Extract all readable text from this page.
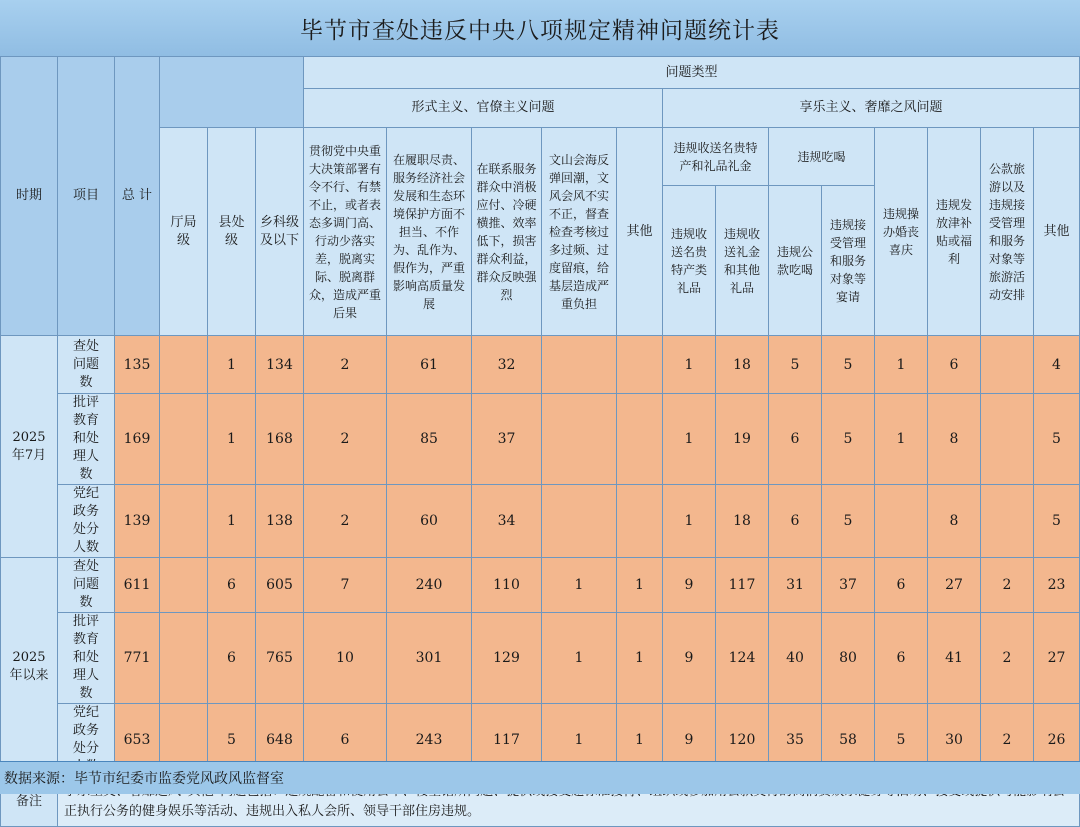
毕节市查处违反中央八项规定精神问题统计表
时期	项目	总 计				问题类型												
						形式主义、官僚主义问题					享乐主义、奢靡之风问题							
			厅局级	县处级	乡科级及以下	贯彻党中央重大决策部署有令不行、有禁不止，或者表态多调门高、行动少落实差，脱离实际、脱离群众，造成严重后果	在履职尽责、服务经济社会发展和生态环境保护方面不担当、不作为、乱作为、假作为，严重影响高质量发展	在联系服务群众中消极应付、冷硬横推、效率低下，损害群众利益，群众反映强烈	文山会海反弹回潮，文风会风不实不正，督查检查考核过多过频、过度留痕，给基层造成严重负担	其他	违规收送名贵特产和礼品礼金		违规吃喝		违规操办婚丧喜庆	违规发放津补贴或福利	公款旅游以及违规接受管理和服务对象等旅游活动安排	其他
											违规收送名贵特产类礼品	违规收送礼金和其他礼品	违规公款吃喝	违规接受管理和服务对象等宴请				
2025年7月	查处问题数	135		1	134	2	61	32			1	18	5	5	1	6		4
	批评教育和处理人数	169		1	168	2	85	37			1	19	6	5	1	8		5
	党纪政务处分人数	139		1	138	2	60	34			1	18	6	5		8		5
2025年以来	查处问题数	611		6	605	7	240	110	1	1	9	117	31	37	6	27	2	23
	批评教育和处理人数	771		6	765	10	301	129	1	1	9	124	40	80	6	41	2	27
	党纪政务处分	653		5	648	6	243	117	1	1	9	120	35	58	5	30	2	26
备注	正执行公务的健身娱乐等活动、违规出入私人会所、领导干部住房违规。																	
数据来源：毕节市纪委市监委党风政风监督室
